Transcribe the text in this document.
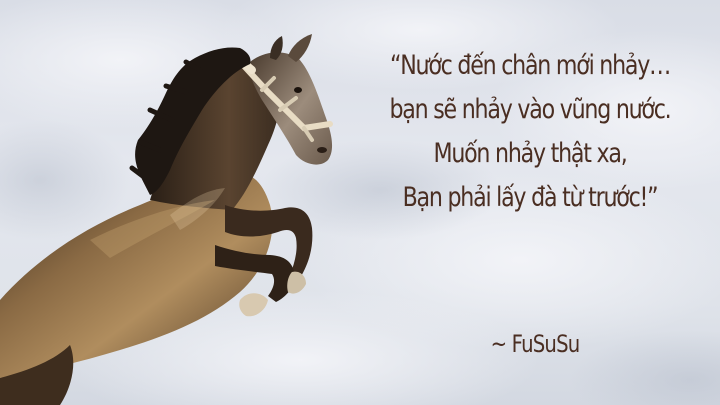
“Nước đến chân mới nhảy…
bạn sẽ nhảy vào vũng nước.
Muốn nhảy thật xa,
Bạn phải lấy đà từ trước!”
~ FuSuSu
